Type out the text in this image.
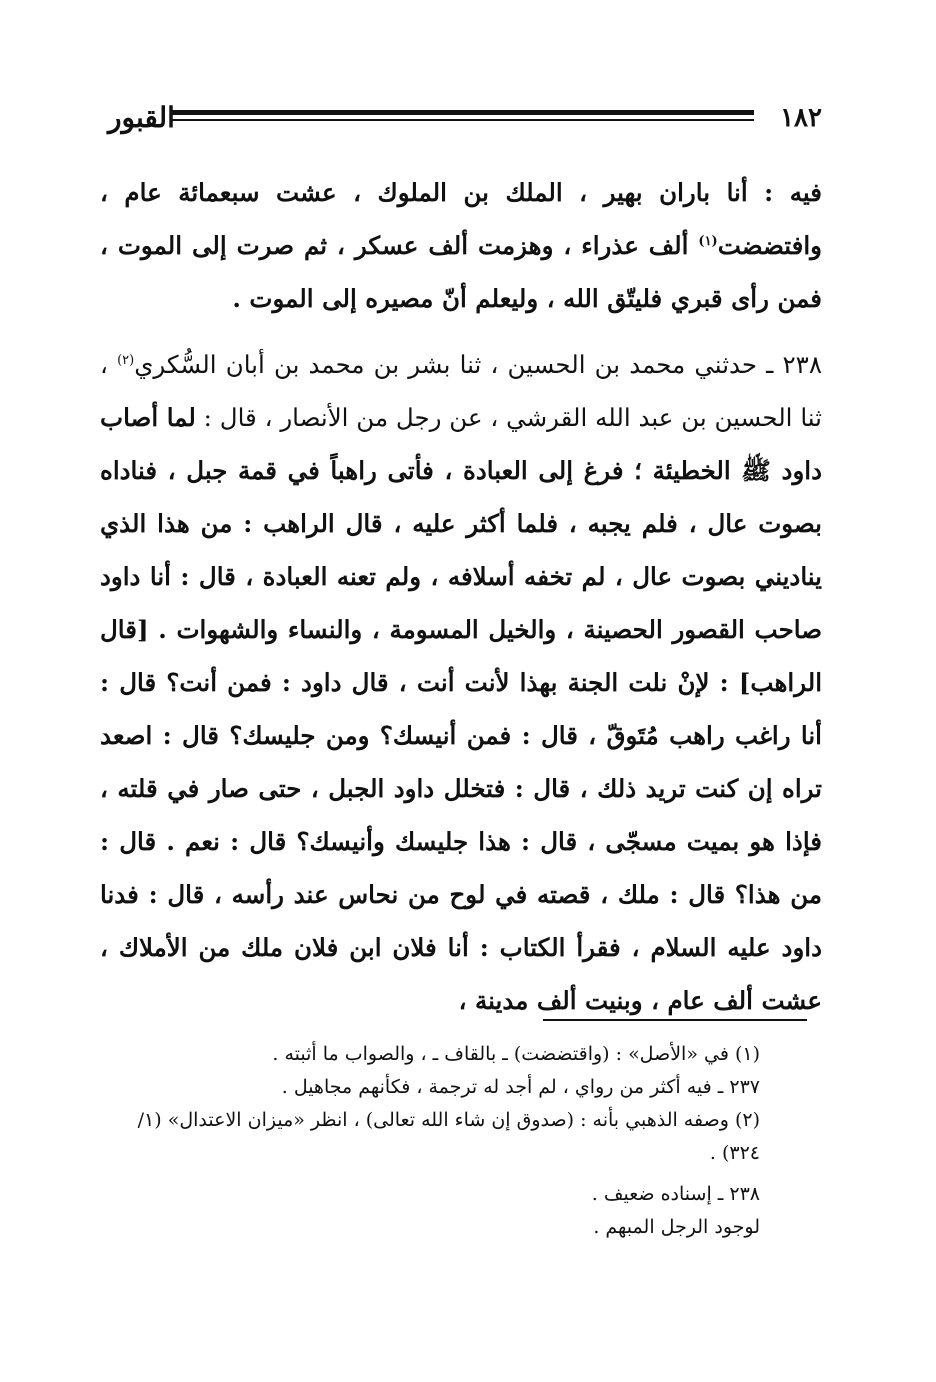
القبور	١٨٢

فيه : أنا باران بهير ، الملك بن الملوك ، عشت سبعمائة عام ، وافتضضت$^{(١)}$ ألف عذراء ، وهزمت ألف عسكر ، ثم صرت إلى الموت ، فمن رأى قبري فليتّق الله ، وليعلم أنّ مصيره إلى الموت .

٢٣٨ ـ حدثني محمد بن الحسين ، ثنا بشر بن محمد بن أبان السُّكري$^{(٢)}$ ، ثنا الحسين بن عبد الله القرشي ، عن رجل من الأنصار ، قال : لما أصاب داود ﷺ الخطيئة ؛ فرغ إلى العبادة ، فأتى راهباً في قمة جبل ، فناداه بصوت عال ، فلم يجبه ، فلما أكثر عليه ، قال الراهب : من هذا الذي يناديني بصوت عال ، لم تخفه أسلافه ، ولم تعنه العبادة ، قال : أنا داود صاحب القصور الحصينة ، والخيل المسومة ، والنساء والشهوات . [قال الراهب] : لإنْ نلت الجنة بهذا لأنت أنت ، قال داود : فمن أنت؟ قال : أنا راغب راهب مُتَوقّ ، قال : فمن أنيسك؟ ومن جليسك؟ قال : اصعد تراه إن كنت تريد ذلك ، قال : فتخلل داود الجبل ، حتى صار في قلته ، فإذا هو بميت مسجّى ، قال : هذا جليسك وأنيسك؟ قال : نعم . قال : من هذا؟ قال : ملك ، قصته في لوح من نحاس عند رأسه ، قال : فدنا داود عليه السلام ، فقرأ الكتاب : أنا فلان ابن فلان ملك من الأملاك ، عشت ألف عام ، وبنيت ألف مدينة ،

(١) في «الأصل» : (واقتضضت) ـ بالقاف ـ ، والصواب ما أثبته .

٢٣٧ ـ فيه أكثر من رواي ، لم أجد له ترجمة ، فكأنهم مجاهيل .

(٢) وصفه الذهبي بأنه : (صدوق إن شاء الله تعالى) ، انظر «ميزان الاعتدال» (١/ ٣٢٤) .

٢٣٨ ـ إسناده ضعيف .

لوجود الرجل المبهم .
